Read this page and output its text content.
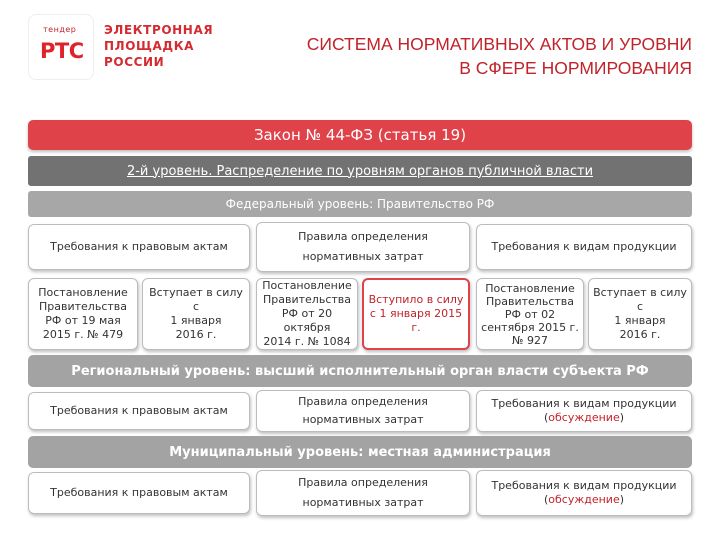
тендер
РТС
ЭЛЕКТРОННАЯ
ПЛОЩАДКА
РОССИИ
СИСТЕМА НОРМАТИВНЫХ АКТОВ И УРОВНИ
В СФЕРЕ НОРМИРОВАНИЯ
Закон № 44-ФЗ (статья 19)
2-й уровень. Распределение по уровням органов публичной власти
Федеральный уровень: Правительство РФ
Требования к правовым актам
Правила определения
нормативных затрат
Требования к видам продукции
Постановление
Правительства
РФ от 19 мая
2015 г. № 479
Вступает в силу с
1 января
2016 г.
Постановление
Правительства
РФ от 20 октября
2014 г. № 1084
Вступило в силу
с 1 января 2015 г.
Постановление
Правительства
РФ от 02
сентября 2015 г.
№ 927
Вступает в силу с
1 января
2016 г.
Региональный уровень: высший исполнительный орган власти субъекта РФ
Требования к правовым актам
Правила определения
нормативных затрат
Требования к видам продукции
(обсуждение)
Муниципальный уровень: местная администрация
Требования к правовым актам
Правила определения
нормативных затрат
Требования к видам продукции
(обсуждение)
